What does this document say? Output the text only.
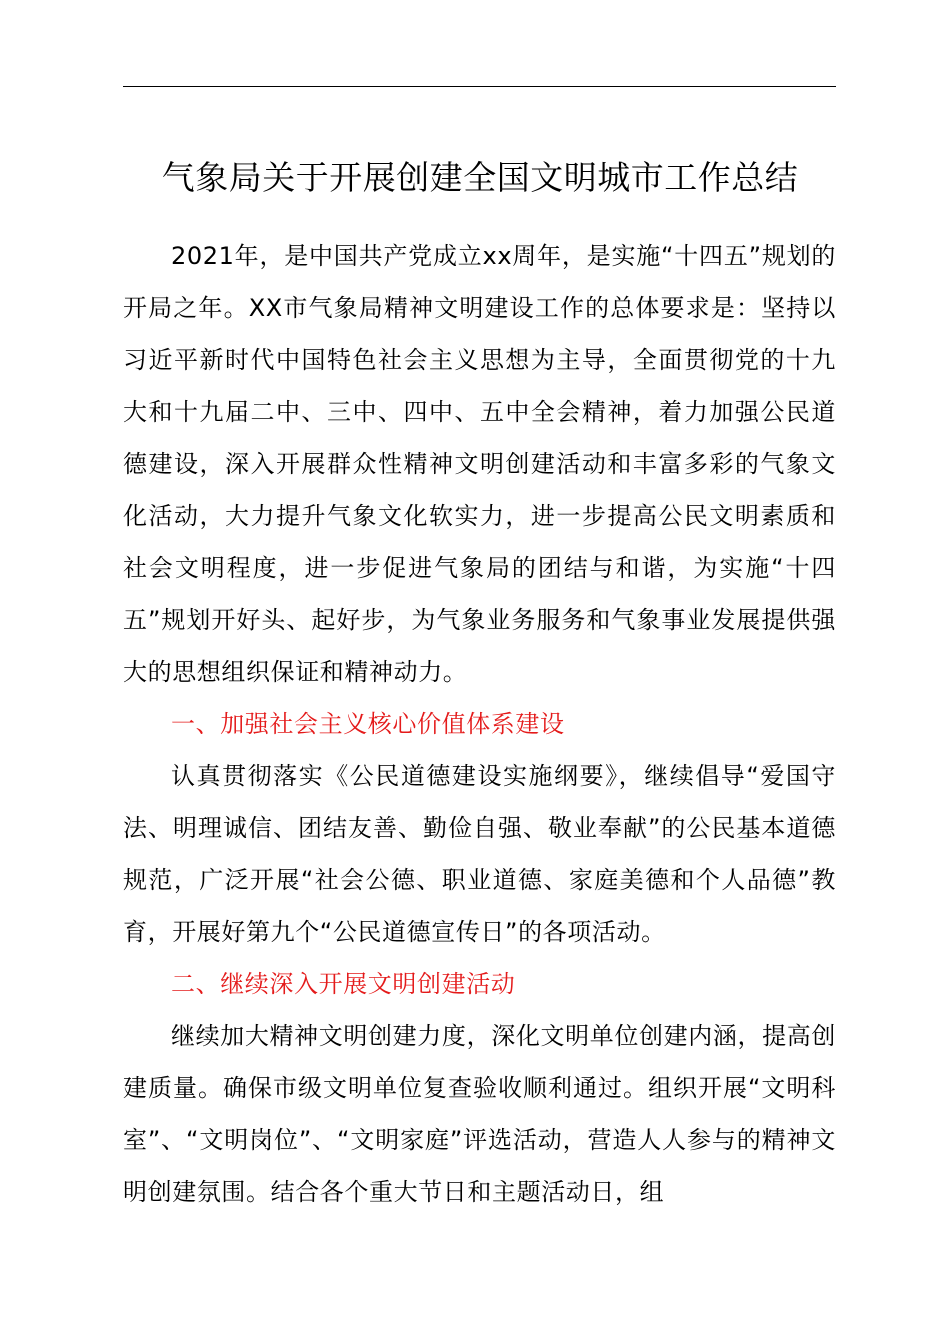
气象局关于开展创建全国文明城市工作总结

2021年，是中国共产党成立xx周年，是实施“十四五”规划的开局之年。XX市气象局精神文明建设工作的总体要求是：坚持以习近平新时代中国特色社会主义思想为主导，全面贯彻党的十九大和十九届二中、三中、四中、五中全会精神，着力加强公民道德建设，深入开展群众性精神文明创建活动和丰富多彩的气象文化活动，大力提升气象文化软实力，进一步提高公民文明素质和社会文明程度，进一步促进气象局的团结与和谐，为实施“十四五”规划开好头、起好步，为气象业务服务和气象事业发展提供强大的思想组织保证和精神动力。

一、加强社会主义核心价值体系建设

认真贯彻落实《公民道德建设实施纲要》，继续倡导“爱国守法、明理诚信、团结友善、勤俭自强、敬业奉献”的公民基本道德规范，广泛开展“社会公德、职业道德、家庭美德和个人品德”教育，开展好第九个“公民道德宣传日”的各项活动。

二、继续深入开展文明创建活动

继续加大精神文明创建力度，深化文明单位创建内涵，提高创建质量。确保市级文明单位复查验收顺利通过。组织开展“文明科室”、“文明岗位”、“文明家庭”评选活动，营造人人参与的精神文明创建氛围。结合各个重大节日和主题活动日，组
